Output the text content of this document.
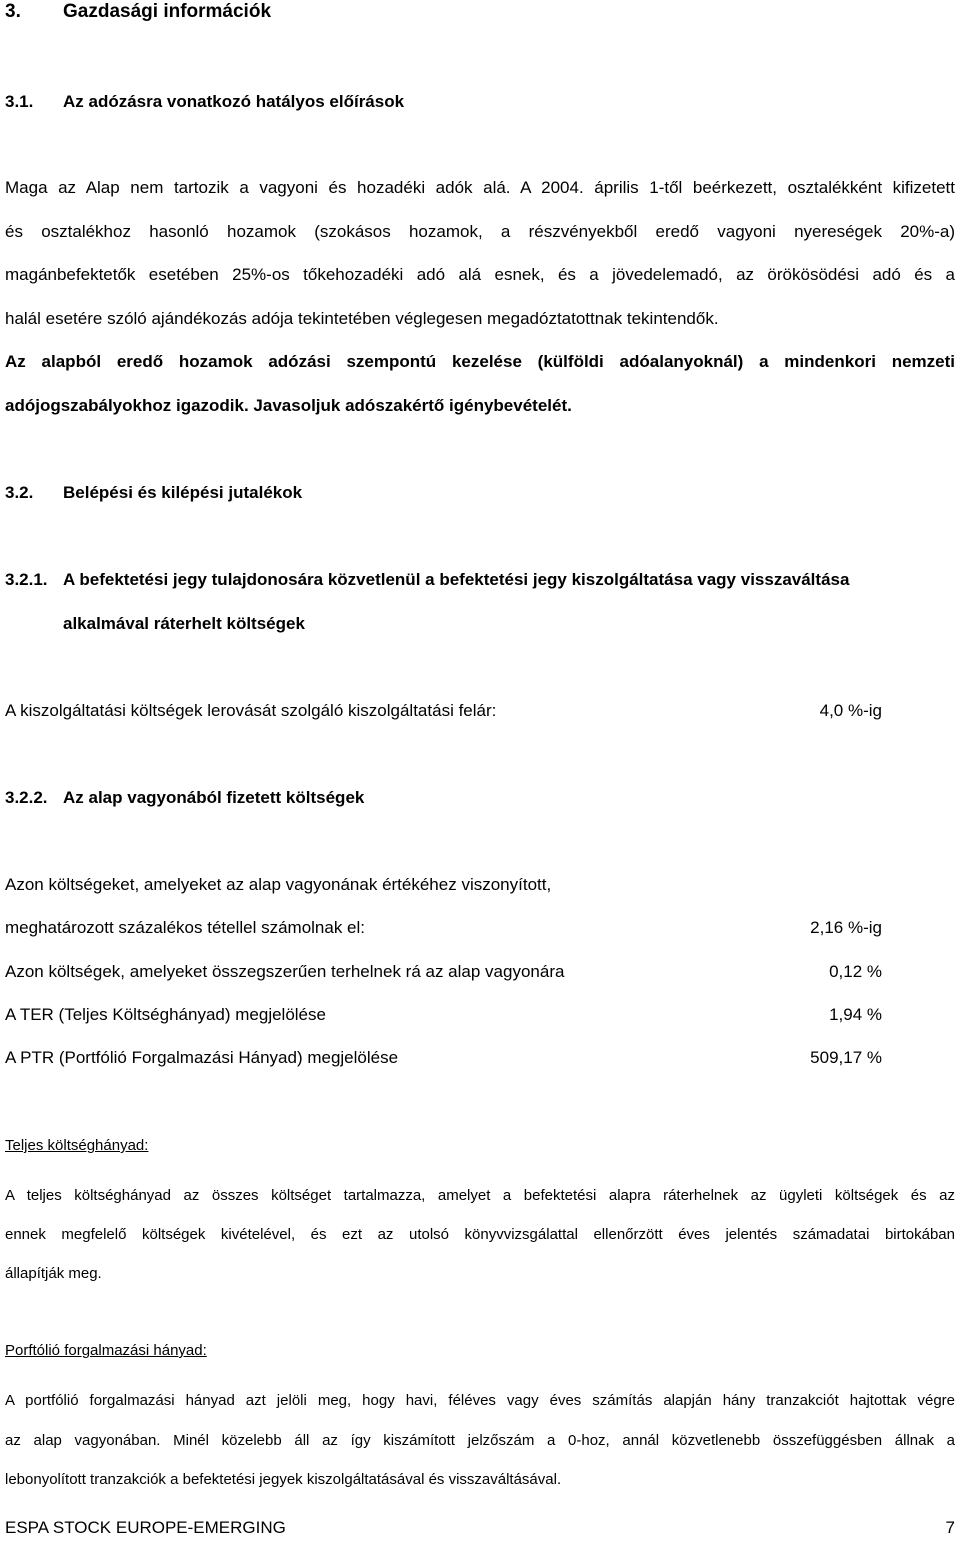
3. Gazdasági információk
3.1. Az adózásra vonatkozó hatályos előírások
Maga az Alap nem tartozik a vagyoni és hozadéki adók alá. A 2004. április 1-től beérkezett, osztalékként kifizetett
és osztalékhoz hasonló hozamok (szokásos hozamok, a részvényekből eredő vagyoni nyereségek 20%-a)
magánbefektetők esetében 25%-os tőkehozadéki adó alá esnek, és a jövedelemadó, az örökösödési adó és a
halál esetére szóló ajándékozás adója tekintetében véglegesen megadóztatottnak tekintendők.
Az alapból eredő hozamok adózási szempontú kezelése (külföldi adóalanyoknál) a mindenkori nemzeti
adójogszabályokhoz igazodik. Javasoljuk adószakértő igénybevételét.
3.2. Belépési és kilépési jutalékok
3.2.1. A befektetési jegy tulajdonosára közvetlenül a befektetési jegy kiszolgáltatása vagy visszaváltása
alkalmával ráterhelt költségek
A kiszolgáltatási költségek lerovását szolgáló kiszolgáltatási felár:	4,0 %-ig
3.2.2. Az alap vagyonából fizetett költségek
Azon költségeket, amelyeket az alap vagyonának értékéhez viszonyított,
meghatározott százalékos tétellel számolnak el:	2,16 %-ig
Azon költségek, amelyeket összegszerűen terhelnek rá az alap vagyonára	0,12 %
A TER (Teljes Költséghányad) megjelölése	1,94 %
A PTR (Portfólió Forgalmazási Hányad) megjelölése	509,17 %
Teljes költséghányad:
A teljes költséghányad az összes költséget tartalmazza, amelyet a befektetési alapra ráterhelnek az ügyleti költségek és az
ennek megfelelő költségek kivételével, és ezt az utolsó könyvvizsgálattal ellenőrzött éves jelentés számadatai birtokában
állapítják meg.
Porftólió forgalmazási hányad:
A portfólió forgalmazási hányad azt jelöli meg, hogy havi, féléves vagy éves számítás alapján hány tranzakciót hajtottak végre
az alap vagyonában. Minél közelebb áll az így kiszámított jelzőszám a 0-hoz, annál közvetlenebb összefüggésben állnak a
lebonyolított tranzakciók a befektetési jegyek kiszolgáltatásával és visszaváltásával.
ESPA STOCK EUROPE-EMERGING	7
